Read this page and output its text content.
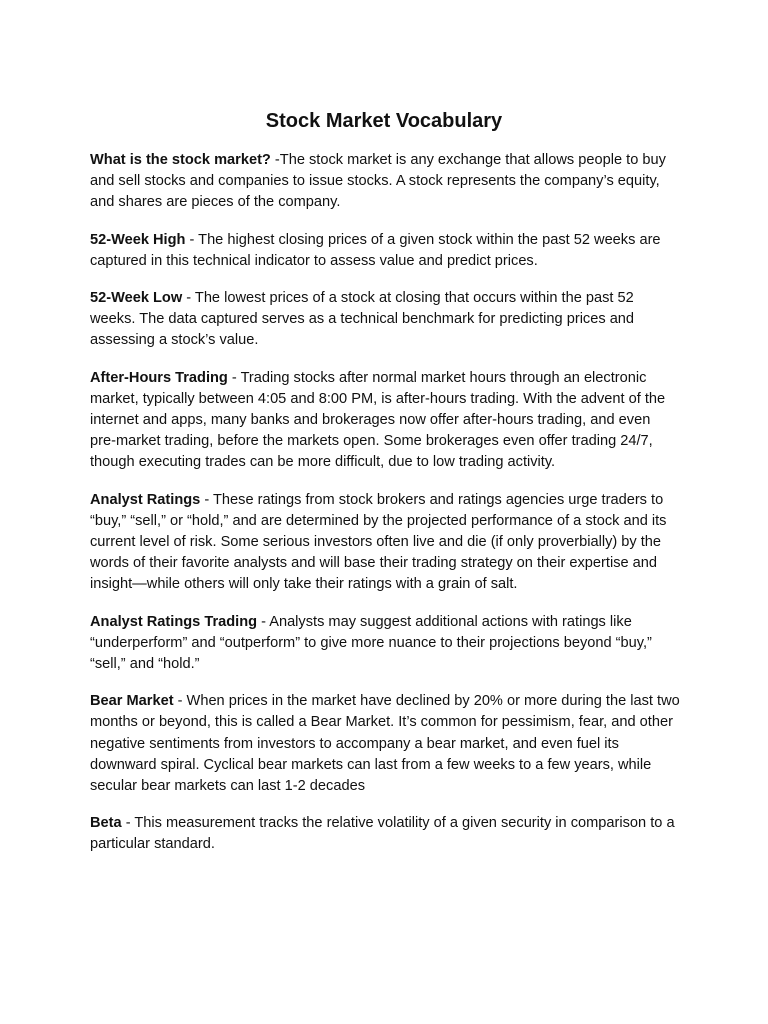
Stock Market Vocabulary

What is the stock market? -The stock market is any exchange that allows people to buy and sell stocks and companies to issue stocks. A stock represents the company’s equity, and shares are pieces of the company.

52-Week High - The highest closing prices of a given stock within the past 52 weeks are captured in this technical indicator to assess value and predict prices.

52-Week Low - The lowest prices of a stock at closing that occurs within the past 52 weeks. The data captured serves as a technical benchmark for predicting prices and assessing a stock’s value.

After-Hours Trading - Trading stocks after normal market hours through an electronic market, typically between 4:05 and 8:00 PM, is after-hours trading. With the advent of the internet and apps, many banks and brokerages now offer after-hours trading, and even pre-market trading, before the markets open. Some brokerages even offer trading 24/7, though executing trades can be more difficult, due to low trading activity.

Analyst Ratings - These ratings from stock brokers and ratings agencies urge traders to “buy,” “sell,” or “hold,” and are determined by the projected performance of a stock and its current level of risk. Some serious investors often live and die (if only proverbially) by the words of their favorite analysts and will base their trading strategy on their expertise and insight—while others will only take their ratings with a grain of salt.

Analyst Ratings Trading - Analysts may suggest additional actions with ratings like “underperform” and “outperform” to give more nuance to their projections beyond “buy,” “sell,” and “hold.”

Bear Market - When prices in the market have declined by 20% or more during the last two months or beyond, this is called a Bear Market. It’s common for pessimism, fear, and other negative sentiments from investors to accompany a bear market, and even fuel its downward spiral. Cyclical bear markets can last from a few weeks to a few years, while secular bear markets can last 1-2 decades

Beta - This measurement tracks the relative volatility of a given security in comparison to a particular standard.
